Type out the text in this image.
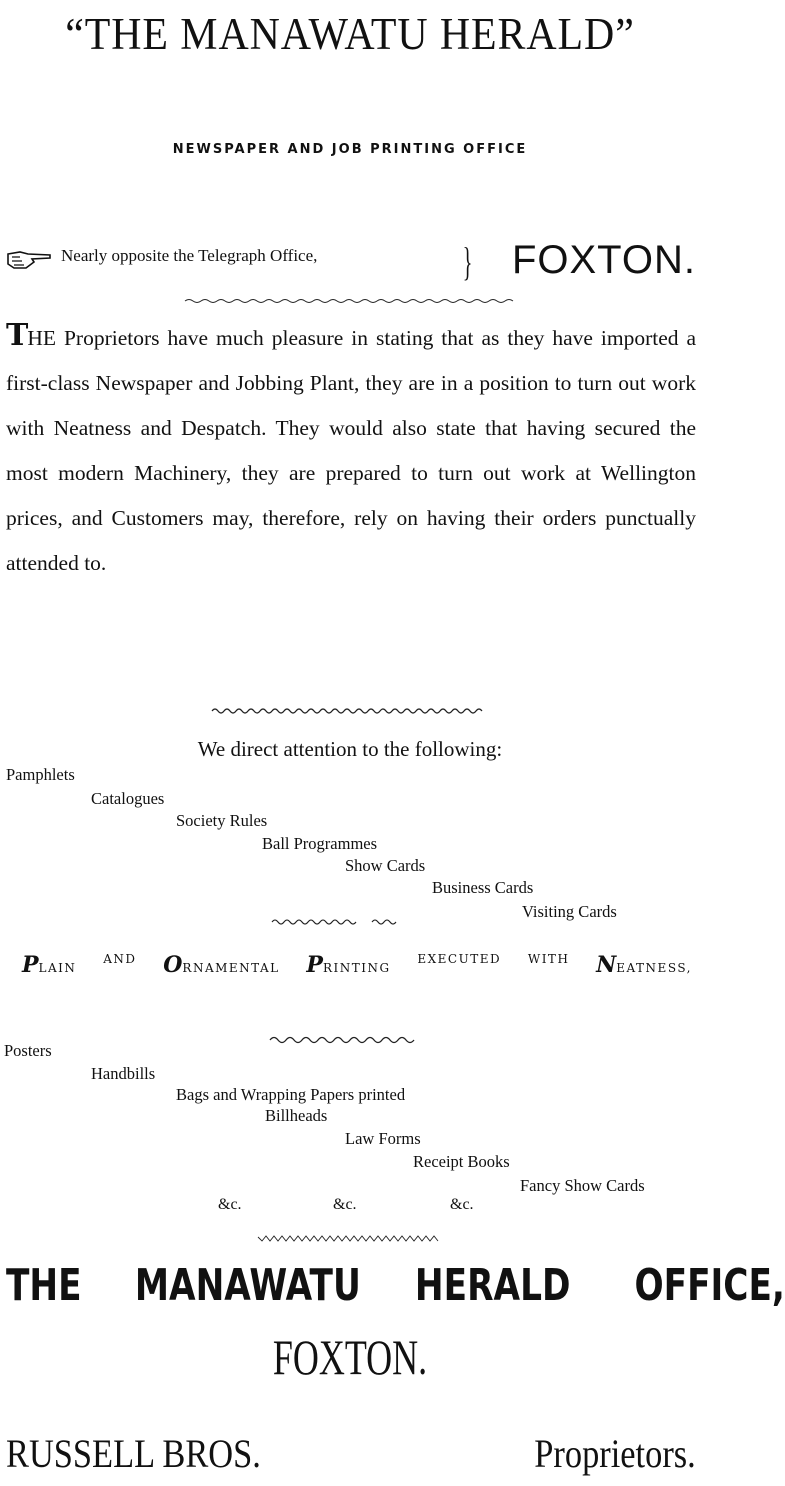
“THE MANAWATU HERALD”
NEWSPAPER AND JOB PRINTING OFFICE
Nearly opposite the Telegraph Office,	} FOXTON.
THE Proprietors have much pleasure in stating that as they have imported a first-class Newspaper and Jobbing Plant, they are in a position to turn out work with Neatness and Despatch. They would also state that having secured the most modern Machinery, they are prepared to turn out work at Wellington prices, and Customers may, therefore, rely on having their orders punctually attended to.
We direct attention to the following:
Pamphlets
Catalogues
Society Rules
Ball Programmes
Show Cards
Business Cards
Visiting Cards
PLAIN
AND ORNAMENTAL PRINTING
EXECUTED WITH NEATNESS,
Posters
Handbills
Bags and Wrapping Papers printed
Billheads
Law Forms
Receipt Books
Fancy Show Cards
&c.	&c.	&c.
THE MANAWATU HERALD OFFICE,
FOXTON.
RUSSELL BROS.	Proprietors.
